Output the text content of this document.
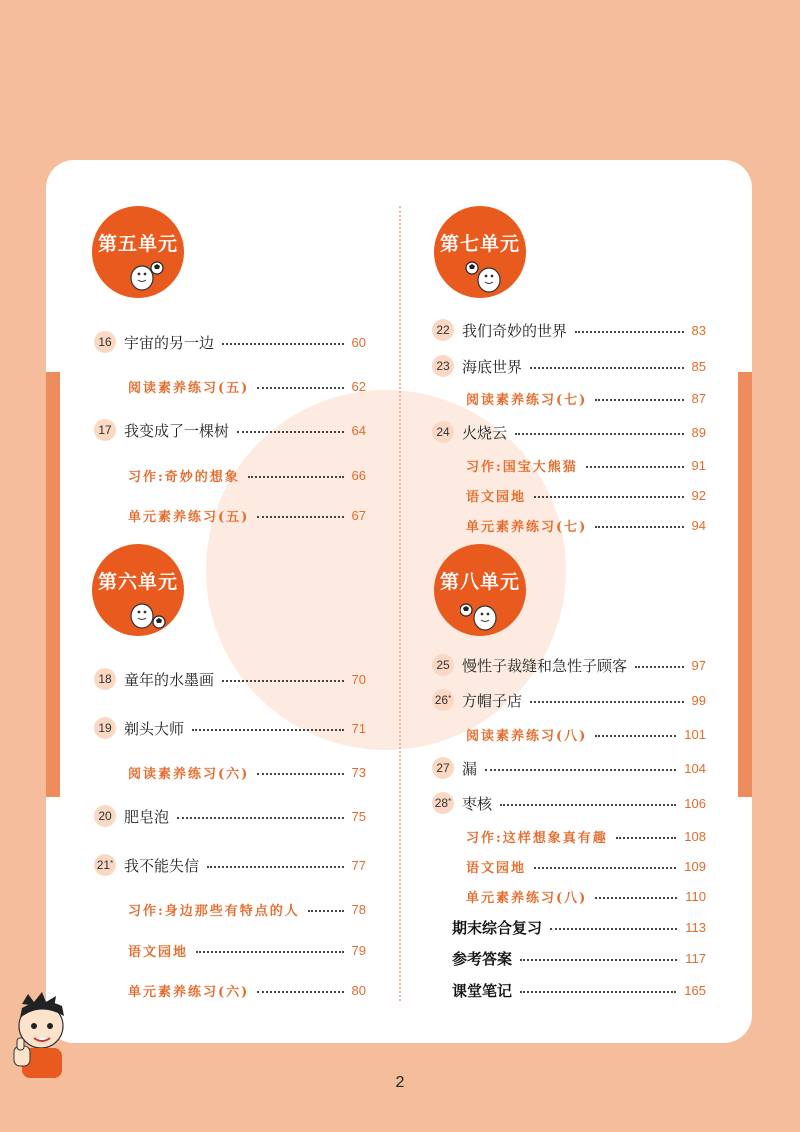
第五单元
第六单元
第七单元
第八单元
16 宇宙的另一边	60
阅读素养练习(五)	62
17 我变成了一棵树	64
习作:奇妙的想象	66
单元素养练习(五)	67
18 童年的水墨画	70
19 剃头大师	71
阅读素养练习(六)	73
20 肥皂泡	75
21* 我不能失信	77
习作:身边那些有特点的人	78
语文园地	79
单元素养练习(六)	80
22 我们奇妙的世界	83
23 海底世界	85
阅读素养练习(七)	87
24 火烧云	89
习作:国宝大熊猫	91
语文园地	92
单元素养练习(七)	94
25 慢性子裁缝和急性子顾客	97
26* 方帽子店	99
阅读素养练习(八)	101
27 漏	104
28* 枣核	106
习作:这样想象真有趣	108
语文园地	109
单元素养练习(八)	110
期末综合复习	113
参考答案	117
课堂笔记	165
2
